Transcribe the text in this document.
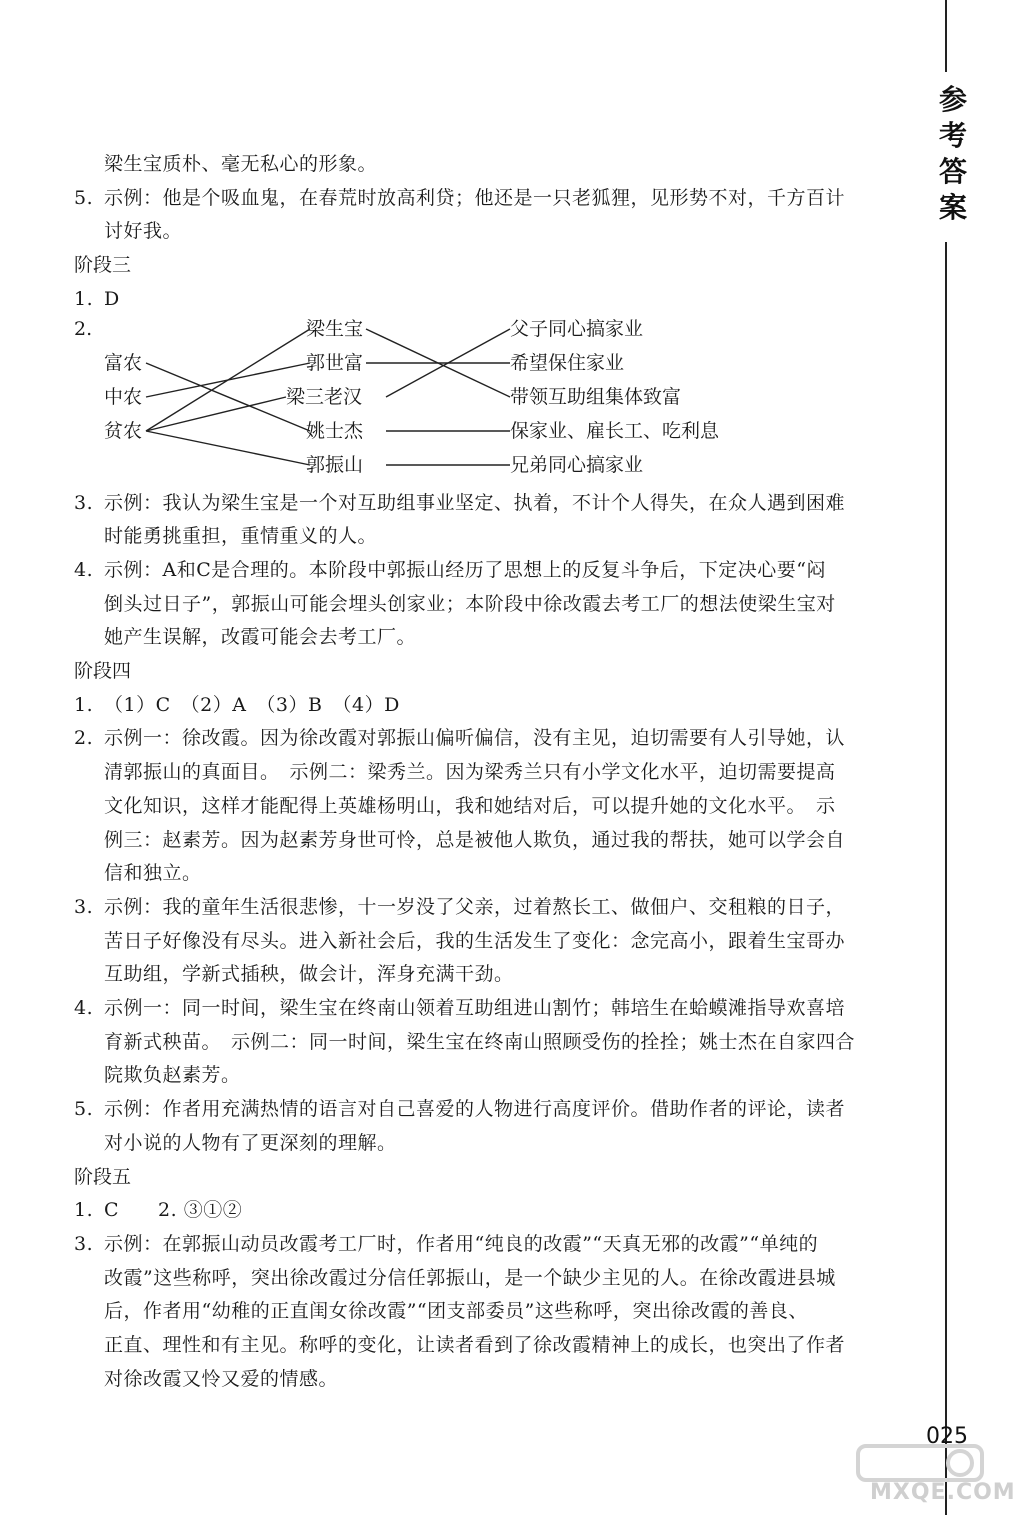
参
考
答
案
梁生宝质朴、毫无私心的形象。
5. 示例：他是个吸血鬼，在春荒时放高利贷；他还是一只老狐狸，见形势不对，千方百计
讨好我。
阶段三
1. D
2.
富农
中农
贫农
梁生宝
郭世富
梁三老汉
姚士杰
郭振山
父子同心搞家业
希望保住家业
带领互助组集体致富
保家业、雇长工、吃利息
兄弟同心搞家业
3. 示例：我认为梁生宝是一个对互助组事业坚定、执着，不计个人得失，在众人遇到困难
时能勇挑重担，重情重义的人。
4. 示例：A和C是合理的。本阶段中郭振山经历了思想上的反复斗争后，下定决心要“闷
倒头过日子”，郭振山可能会埋头创家业；本阶段中徐改霞去考工厂的想法使梁生宝对
她产生误解，改霞可能会去考工厂。
阶段四
1. （1）C　（2）A　（3）B　（4）D
2. 示例一：徐改霞。因为徐改霞对郭振山偏听偏信，没有主见，迫切需要有人引导她，认
清郭振山的真面目。　示例二：梁秀兰。因为梁秀兰只有小学文化水平，迫切需要提高
文化知识，这样才能配得上英雄杨明山，我和她结对后，可以提升她的文化水平。　示
例三：赵素芳。因为赵素芳身世可怜，总是被他人欺负，通过我的帮扶，她可以学会自
信和独立。
3. 示例：我的童年生活很悲惨，十一岁没了父亲，过着熬长工、做佃户、交租粮的日子，
苦日子好像没有尽头。进入新社会后，我的生活发生了变化：念完高小，跟着生宝哥办
互助组，学新式插秧，做会计，浑身充满干劲。
4. 示例一：同一时间，梁生宝在终南山领着互助组进山割竹；韩培生在蛤蟆滩指导欢喜培
育新式秧苗。　示例二：同一时间，梁生宝在终南山照顾受伤的拴拴；姚士杰在自家四合
院欺负赵素芳。
5. 示例：作者用充满热情的语言对自己喜爱的人物进行高度评价。借助作者的评论，读者
对小说的人物有了更深刻的理解。
阶段五
1. C　　2. ③①②
3. 示例：在郭振山动员改霞考工厂时，作者用“纯良的改霞”“天真无邪的改霞”“单纯的
改霞”这些称呼，突出徐改霞过分信任郭振山，是一个缺少主见的人。在徐改霞进县城
后，作者用“幼稚的正直闺女徐改霞”“团支部委员”这些称呼，突出徐改霞的善良、
正直、理性和有主见。称呼的变化，让读者看到了徐改霞精神上的成长，也突出了作者
对徐改霞又怜又爱的情感。
025
MXQE.COM
